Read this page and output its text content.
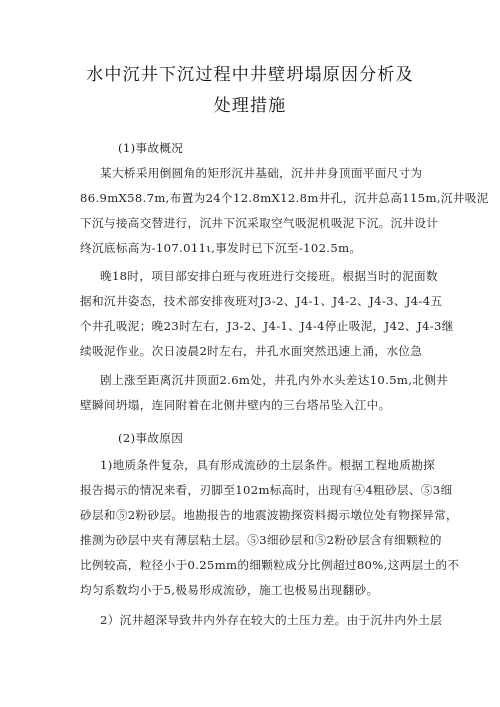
水中沉井下沉过程中井壁坍塌原因分析及
处理措施
(1)事故概况
某大桥采用倒圆角的矩形沉井基础，沉井井身顶面平面尺寸为
86.9mX58.7m,布置为24个12.8mX12.8m井孔，沉井总高115m,沉井吸泥
下沉与接高交替进行，沉井下沉采取空气吸泥机吸泥下沉。沉井设计
终沉底标高为-107.011ι,事发时已下沉至-102.5m。
晚18时，项目部安排白班与夜班进行交接班。根据当时的泥面数
据和沉井姿态，技术部安排夜班对J3-2、J4-1、J4-2、J4-3、J4-4五
个井孔吸泥；晚23时左右，J3-2、J4-1、J4-4停止吸泥，J42、J4-3继
续吸泥作业。次日凌晨2时左右，井孔水面突然迅速上涌，水位急
剧上涨至距离沉井顶面2.6m处，井孔内外水头差达10.5m,北侧井
壁瞬间坍塌，连同附着在北侧井壁内的三台塔吊坠入江中。
(2)事故原因
1)地质条件复杂，具有形成流砂的土层条件。根据工程地质勘探
报告揭示的情况来看，刃脚至102m标高时，出现有④4粗砂层、⑤3细
砂层和⑤2粉砂层。地勘报告的地震波勘探资料揭示墩位处有物探异常，
推测为砂层中夹有薄层粘土层。⑤3细砂层和⑤2粉砂层含有细颗粒的
比例较高，粒径小于0.25mm的细颗粒成分比例超过80%,这两层土的不
均匀系数均小于5,极易形成流砂，施工也极易出现翻砂。
2）沉井超深导致井内外存在较大的土压力差。由于沉井内外土层
